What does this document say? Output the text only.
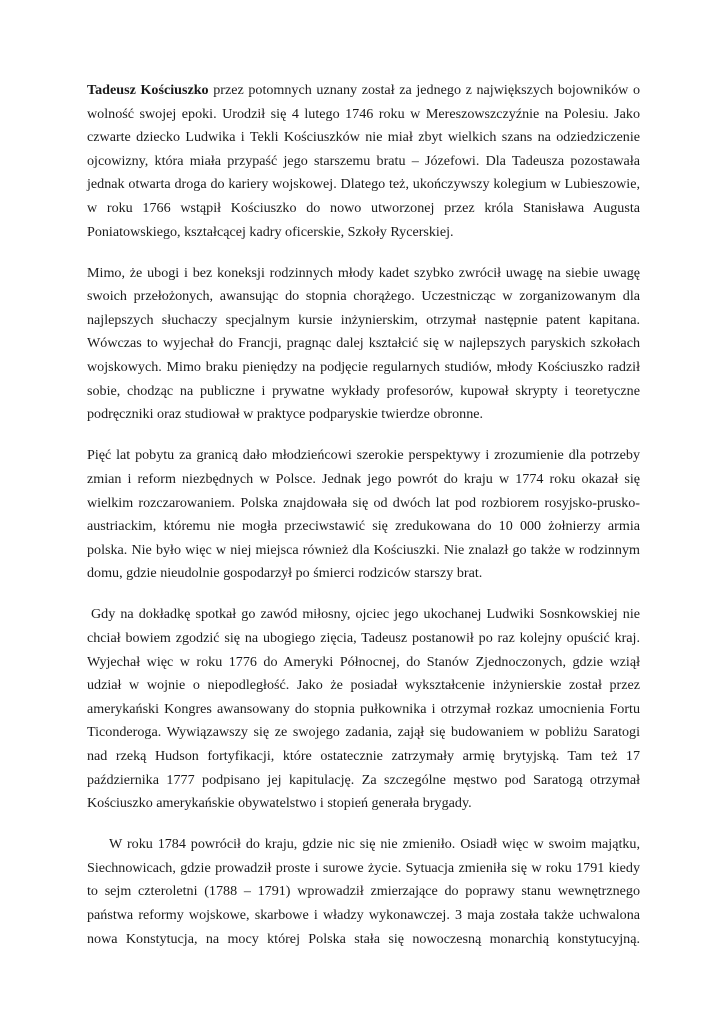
Tadeusz Kościuszko przez potomnych uznany został za jednego z największych bojowników o wolność swojej epoki. Urodził się 4 lutego 1746 roku w Mereszowszczyźnie na Polesiu. Jako czwarte dziecko Ludwika i Tekli Kościuszków nie miał zbyt wielkich szans na odziedziczenie ojcowizny, która miała przypaść jego starszemu bratu – Józefowi. Dla Tadeusza pozostawała jednak otwarta droga do kariery wojskowej. Dlatego też, ukończywszy kolegium w Lubieszowie, w roku 1766 wstąpił Kościuszko do nowo utworzonej przez króla Stanisława Augusta Poniatowskiego, kształcącej kadry oficerskie, Szkoły Rycerskiej.

Mimo, że ubogi i bez koneksji rodzinnych młody kadet szybko zwrócił uwagę na siebie uwagę swoich przełożonych, awansując do stopnia chorążego. Uczestnicząc w zorganizowanym dla najlepszych słuchaczy specjalnym kursie inżynierskim, otrzymał następnie patent kapitana. Wówczas to wyjechał do Francji, pragnąc dalej kształcić się w najlepszych paryskich szkołach wojskowych. Mimo braku pieniędzy na podjęcie regularnych studiów, młody Kościuszko radził sobie, chodząc na publiczne i prywatne wykłady profesorów, kupował skrypty i teoretyczne podręczniki oraz studiował w praktyce podparyskie twierdze obronne.

Pięć lat pobytu za granicą dało młodzieńcowi szerokie perspektywy i zrozumienie dla potrzeby zmian i reform niezbędnych w Polsce. Jednak jego powrót do kraju w 1774 roku okazał się wielkim rozczarowaniem. Polska znajdowała się od dwóch lat pod rozbiorem rosyjsko-prusko-austriackim, któremu nie mogła przeciwstawić się zredukowana do 10 000 żołnierzy armia polska. Nie było więc w niej miejsca również dla Kościuszki. Nie znalazł go także w rodzinnym domu, gdzie nieudolnie gospodarzył po śmierci rodziców starszy brat.

Gdy na dokładkę spotkał go zawód miłosny, ojciec jego ukochanej Ludwiki Sosnkowskiej nie chciał bowiem zgodzić się na ubogiego zięcia, Tadeusz postanowił po raz kolejny opuścić kraj. Wyjechał więc w roku 1776 do Ameryki Północnej, do Stanów Zjednoczonych, gdzie wziął udział w wojnie o niepodległość. Jako że posiadał wykształcenie inżynierskie został przez amerykański Kongres awansowany do stopnia pułkownika i otrzymał rozkaz umocnienia Fortu Ticonderoga. Wywiązawszy się ze swojego zadania, zajął się budowaniem w pobliżu Saratogi nad rzeką Hudson fortyfikacji, które ostatecznie zatrzymały armię brytyjską. Tam też 17 października 1777 podpisano jej kapitulację. Za szczególne męstwo pod Saratogą otrzymał Kościuszko amerykańskie obywatelstwo i stopień generała brygady.

W roku 1784 powrócił do kraju, gdzie nic się nie zmieniło. Osiadł więc w swoim majątku, Siechnowicach, gdzie prowadził proste i surowe życie. Sytuacja zmieniła się w roku 1791 kiedy to sejm czteroletni (1788 – 1791) wprowadził zmierzające do poprawy stanu wewnętrznego państwa reformy wojskowe, skarbowe i władzy wykonawczej. 3 maja została także uchwalona nowa Konstytucja, na mocy której Polska stała się nowoczesną monarchią konstytucyjną.
